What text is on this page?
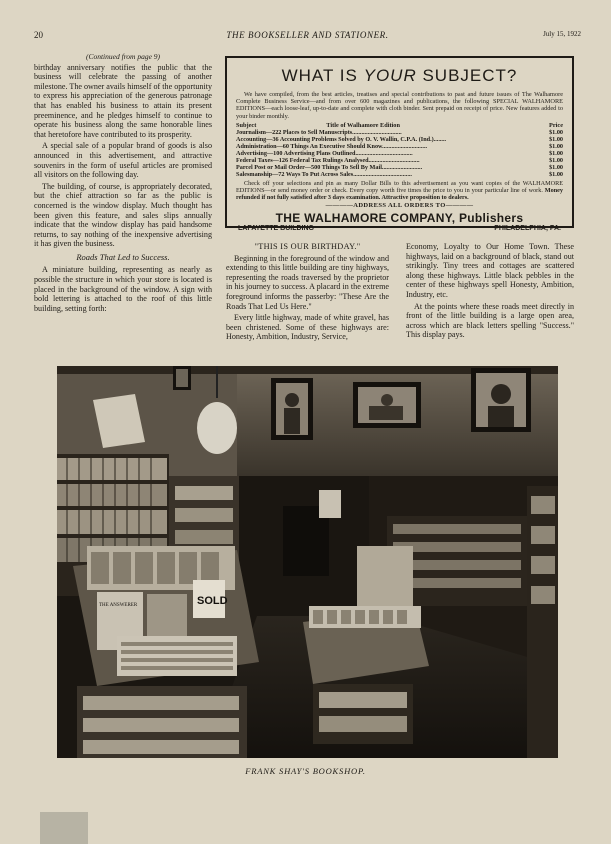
20	THE BOOKSELLER AND STATIONER.	July 15, 1922
(Continued from page 9)

birthday anniversary notifies the public that the business will celebrate the passing of another milestone. The owner avails himself of the opportunity to express his appreciation of the generous patronage that has enabled his business to attain its present preeminence, and he pledges himself to continue to operate his business along the same honorable lines that heretofore have contributed to its prosperity.

A special sale of a popular brand of goods is also announced in this advertisement, and attractive souvenirs in the form of useful articles are promised all visitors on the following day.

The building, of course, is appropriately decorated, but the chief attraction so far as the public is concerned is the window display. Much thought has been given this feature, and sales slips annually indicate that the window display has paid handsome returns, to say nothing of the inexpensive advertising it has given the business.

Roads That Led to Success.

A miniature building, representing as nearly as possible the structure in which your store is located is placed in the background of the window. A sign with bold lettering is attached to the roof of this little building, setting forth:

WHAT IS YOUR SUBJECT?

We have compiled, from the best articles, treatises and special contributions to past and future issues of The Walhamore Complete Business Service—and from over 600 magazines and publications, the following SPECIAL WALHAMORE EDITIONS—each loose-leaf, up-to-date and complete with cloth binder. Sent prepaid on receipt of price. New features added to your binder monthly.

Subject Title of Walhamore Edition	Price

Journalism—222 Places to Sell Manuscripts................................	$1.00
Accounting—36 Accounting Problems Solved by O. V. Wallin, C.P.A. (Ind.)........	$1.00
Administration—60 Things An Executive Should Know.............................	$1.00
Advertising—100 Advertising Plans Outlined.....................................	$1.00
Federal Taxes—126 Federal Tax Rulings Analysed.................................	$1.00
Parcel Post or Mail Order—500 Things To Sell By Mail..........................	$1.00
Salesmanship—72 Ways To Put Across Sales......................................	$1.00

Check off your selections and pin as many Dollar Bills to this advertisement as you want copies of the WALHAMORE EDITIONS—or send money order or check. Every copy worth five times the price to you in your particular line of work. Money refunded if not fully satisfied after 3 days examination. Attractive proposition to dealers.

————ADDRESS ALL ORDERS TO————
THE WALHAMORE COMPANY, Publishers
LAFAYETTE BUILDING	PHILADELPHIA, PA.
"THIS IS OUR BIRTHDAY."

Beginning in the foreground of the window and extending to this little building are tiny highways, representing the roads traversed by the proprietor in his journey to success. A placard in the extreme foreground informs the passerby: "These Are the Roads That Led Us Here."

Every little highway, made of white gravel, has been christened. Some of these highways are: Honesty, Ambition, Industry, Service,

Economy, Loyalty to Our Home Town. These highways, laid on a background of black, stand out strikingly. Tiny trees and cottages are scattered along these highways. Little black pebbles in the center of these highways spell Honesty, Ambition, Industry, etc.

At the points where these roads meet directly in front of the little building is a large open area, across which are black letters spelling "Success." This display pays.

SOLD
THE ANSWERER
FRANK SHAY'S BOOKSHOP.
